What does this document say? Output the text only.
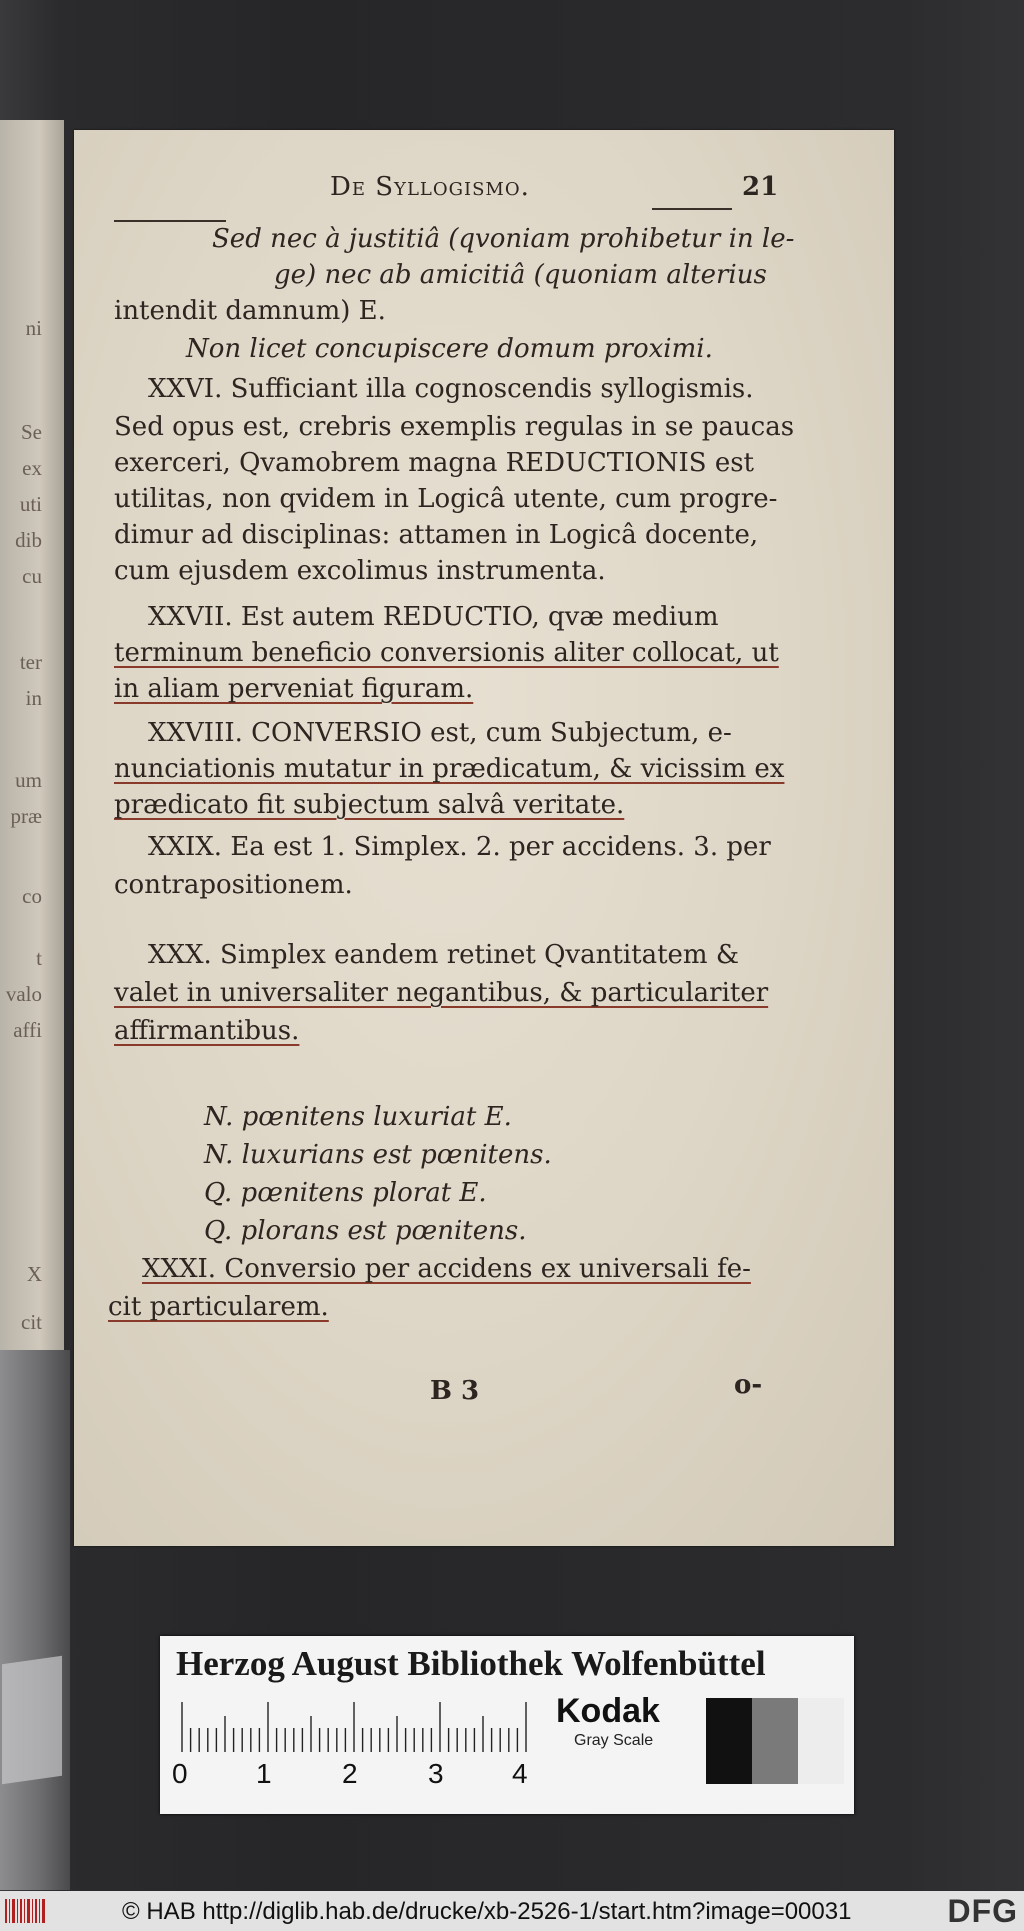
ni
Se
ex
uti
dib
cu
ter
in
um
præ
co
t
valo
affi
X
cit
De Syllogismo.	21
Sed nec à justitiâ (qvoniam prohibetur in le-
ge) nec ab amicitiâ (quoniam alterius
intendit damnum) E.
Non licet concupiscere domum proximi.
XXVI. Sufficiant illa cognoscendis syllogismis.
Sed opus est, crebris exemplis regulas in se paucas
exerceri, Qvamobrem magna REDUCTIONIS est
utilitas, non qvidem in Logicâ utente, cum progre-
dimur ad disciplinas: attamen in Logicâ docente,
cum ejusdem excolimus instrumenta.
XXVII. Est autem REDUCTIO, qvæ medium
terminum beneficio conversionis aliter collocat, ut
in aliam perveniat figuram.
XXVIII. CONVERSIO est, cum Subjectum, e-
nunciationis mutatur in prædicatum, & vicissim ex
prædicato fit subjectum salvâ veritate.
XXIX. Ea est 1. Simplex. 2. per accidens. 3. per
contrapositionem.
XXX. Simplex eandem retinet Qvantitatem &
valet in universaliter negantibus, & particulariter
affirmantibus.
N. pœnitens luxuriat E.
N. luxurians est pœnitens.
Q. pœnitens plorat E.
Q. plorans est pœnitens.
XXXI. Conversio per accidens ex universali fe-
cit particularem.
B 3	o-
Herzog August Bibliothek Wolfenbüttel
0 1	2	3 4
Kodak
Gray Scale
© HAB http://diglib.hab.de/drucke/xb-2526-1/start.htm?image=00031	DFG
